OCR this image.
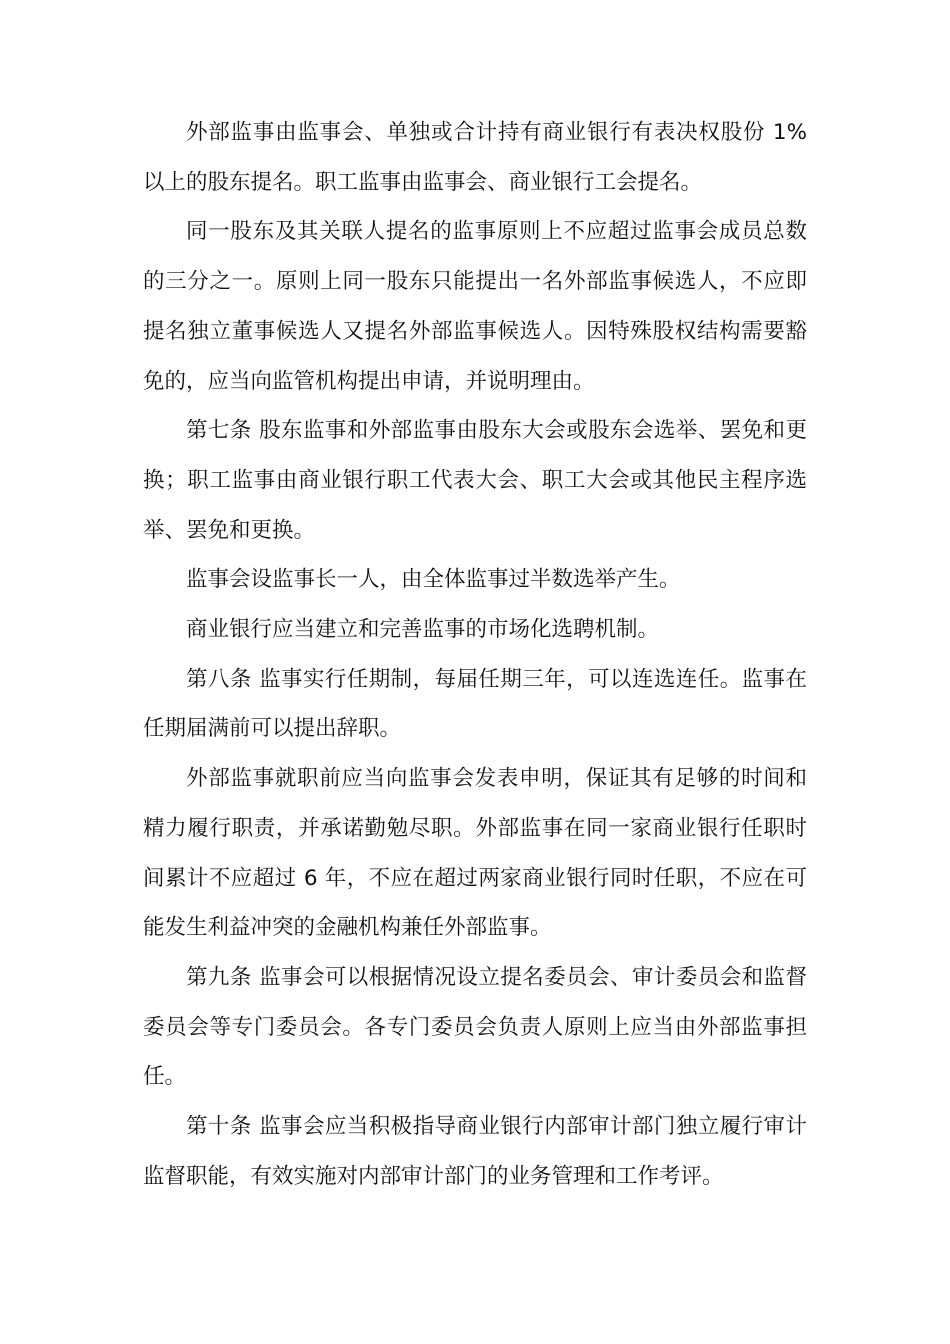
外部监事由监事会、单独或合计持有商业银行有表决权股份 1%以上的股东提名。职工监事由监事会、商业银行工会提名。

同一股东及其关联人提名的监事原则上不应超过监事会成员总数的三分之一。原则上同一股东只能提出一名外部监事候选人，不应即提名独立董事候选人又提名外部监事候选人。因特殊股权结构需要豁免的，应当向监管机构提出申请，并说明理由。

第七条 股东监事和外部监事由股东大会或股东会选举、罢免和更换；职工监事由商业银行职工代表大会、职工大会或其他民主程序选举、罢免和更换。

监事会设监事长一人，由全体监事过半数选举产生。

商业银行应当建立和完善监事的市场化选聘机制。

第八条 监事实行任期制，每届任期三年，可以连选连任。监事在任期届满前可以提出辞职。

外部监事就职前应当向监事会发表申明，保证其有足够的时间和精力履行职责，并承诺勤勉尽职。外部监事在同一家商业银行任职时间累计不应超过 6 年，不应在超过两家商业银行同时任职，不应在可能发生利益冲突的金融机构兼任外部监事。

第九条 监事会可以根据情况设立提名委员会、审计委员会和监督委员会等专门委员会。各专门委员会负责人原则上应当由外部监事担任。

第十条 监事会应当积极指导商业银行内部审计部门独立履行审计监督职能，有效实施对内部审计部门的业务管理和工作考评。
